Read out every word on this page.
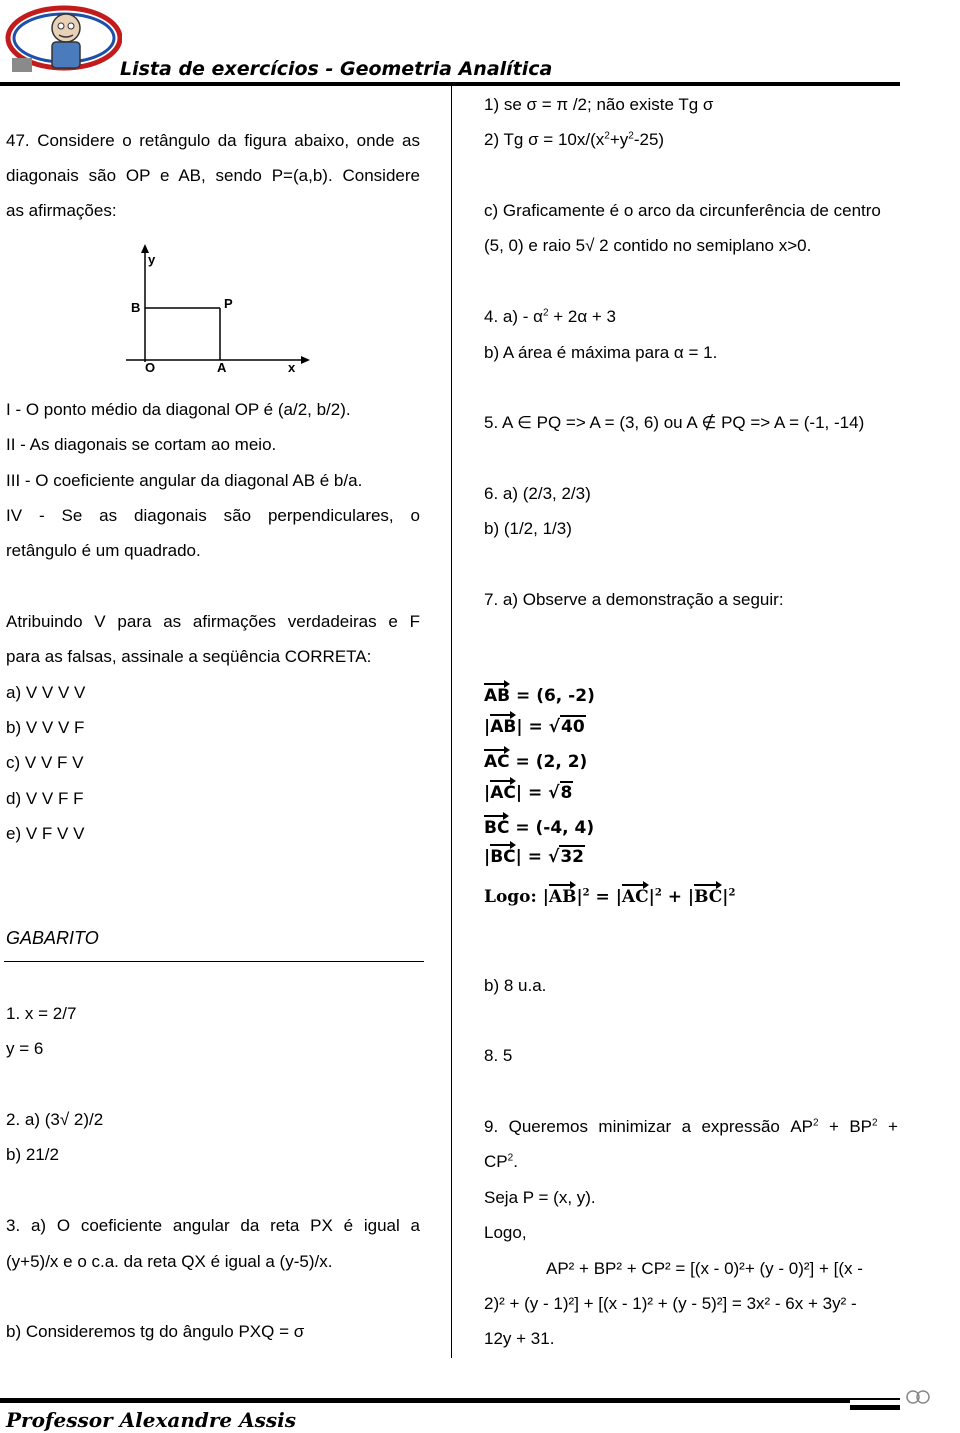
Lista de exercícios - Geometria Analítica
47. Considere o retângulo da figura abaixo, onde as
diagonais são OP e AB, sendo P=(a,b). Considere
as afirmações:
y
B	P
O	A	x
I - O ponto médio da diagonal OP é (a/2, b/2).
II - As diagonais se cortam ao meio.
III - O coeficiente angular da diagonal AB é b/a.
IV - Se as diagonais são perpendiculares, o
retângulo é um quadrado.
Atribuindo V para as afirmações verdadeiras e F
para as falsas, assinale a seqüência CORRETA:
a) V V V V
b) V V V F
c) V V F V
d) V V F F
e) V F V V
GABARITO
1. x = 2/7
y = 6
2. a) (3√ 2)/2
b) 21/2
3. a) O coeficiente angular da reta PX é igual a
(y+5)/x e o c.a. da reta QX é igual a (y-5)/x.
b) Consideremos tg do ângulo PXQ = σ
1) se σ = π /2; não existe Tg σ
2) Tg $\sigma = 10x/(x^2+y^2-25)$
c) Graficamente é o arco da circunferência de centro
(5, 0) e raio 5√ 2 contido no semiplano x>0.
4. $a) - \alpha^2 + 2\alpha + 3$
b) A área é máxima para α = 1.
5. A ∈ PQ => A = (3, 6) ou A ∉ PQ => A = (-1, -14)
6. a) (2/3, 2/3)
b) (1/2, 1/3)
7. a) Observe a demonstração a seguir:
AB = (6, -2)
|AB| = √40
AC = (2, 2)
|AC| = √8
BC = (-4, 4)
|BC| = √32
Logo: $|AB|^2 = |AC|^2 + |BC|^2$
b) 8 u.a.
8. 5
9. Queremos minimizar a expressão $AP^2 + BP^2$ +
$CP^2$.
Seja P = (x, y).
Logo,
AP² + BP² + CP² = [(x - 0)²+ (y - 0)²] + [(x -
2)² + (y - 1)²] + [(x - 1)² + (y - 5)²] = 3x² - 6x + 3y² -
12y + 31.
Professor Alexandre Assis
